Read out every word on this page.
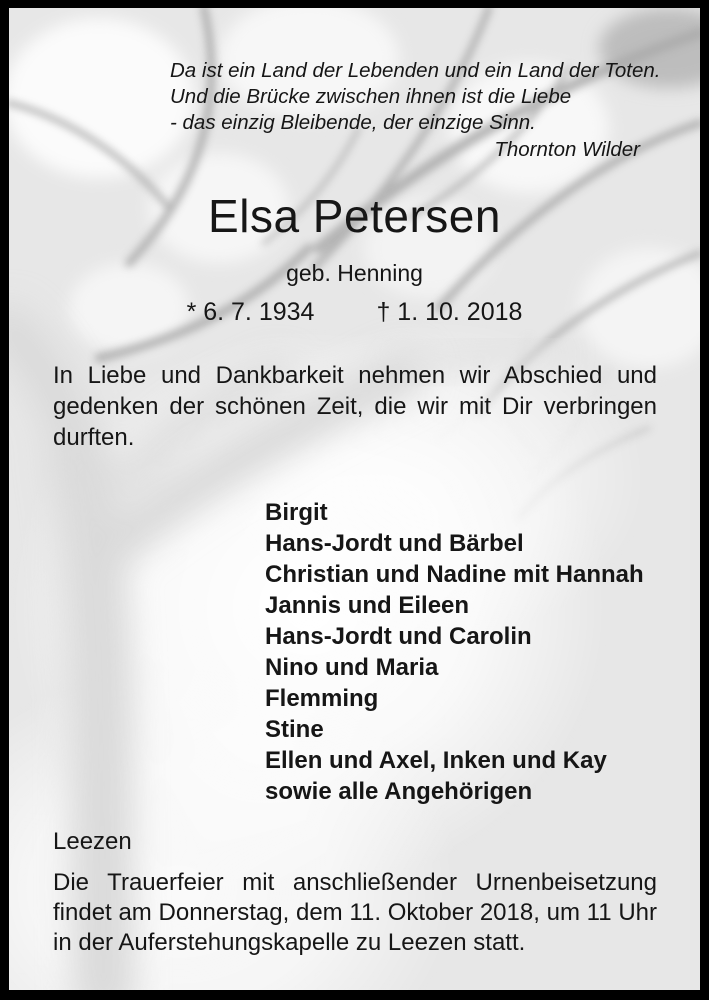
Da ist ein Land der Lebenden und ein Land der Toten.
Und die Brücke zwischen ihnen ist die Liebe
- das einzig Bleibende, der einzige Sinn.
Thornton Wilder
Elsa Petersen
geb. Henning
* 6. 7. 1934 † 1. 10. 2018
In Liebe und Dankbarkeit nehmen wir Abschied und gedenken der schönen Zeit, die wir mit Dir verbringen durften.
Birgit
Hans-Jordt und Bärbel
Christian und Nadine mit Hannah
Jannis und Eileen
Hans-Jordt und Carolin
Nino und Maria
Flemming
Stine
Ellen und Axel, Inken und Kay
sowie alle Angehörigen
Leezen
Die Trauerfeier mit anschließender Urnenbeisetzung findet am Donnerstag, dem 11. Oktober 2018, um 11 Uhr in der Auferstehungskapelle zu Leezen statt.
